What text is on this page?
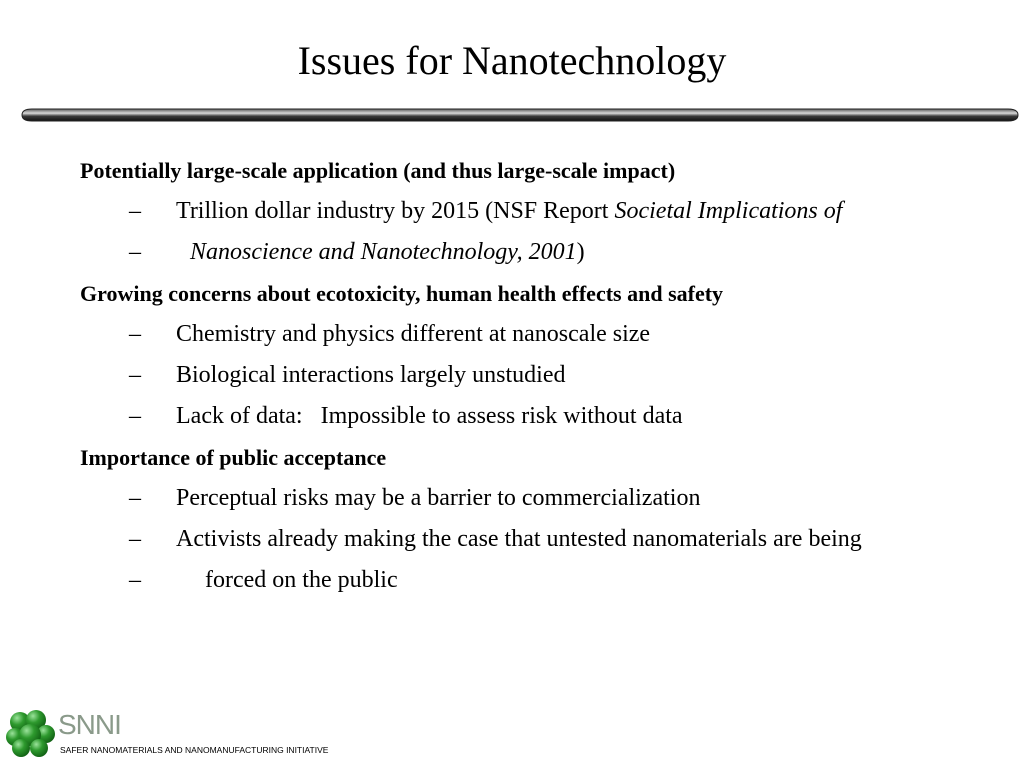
Issues for Nanotechnology
Potentially large-scale application (and thus large-scale impact)
– Trillion dollar industry by 2015 (NSF Report Societal Implications of
– Nanoscience and Nanotechnology, 2001)
Growing concerns about ecotoxicity, human health effects and safety
– Chemistry and physics different at nanoscale size
– Biological interactions largely unstudied
– Lack of data:   Impossible to assess risk without data
Importance of public acceptance
– Perceptual risks may be a barrier to commercialization
– Activists already making the case that untested nanomaterials are being
–	forced on the public
SNNI
SAFER NANOMATERIALS AND NANOMANUFACTURING INITIATIVE
